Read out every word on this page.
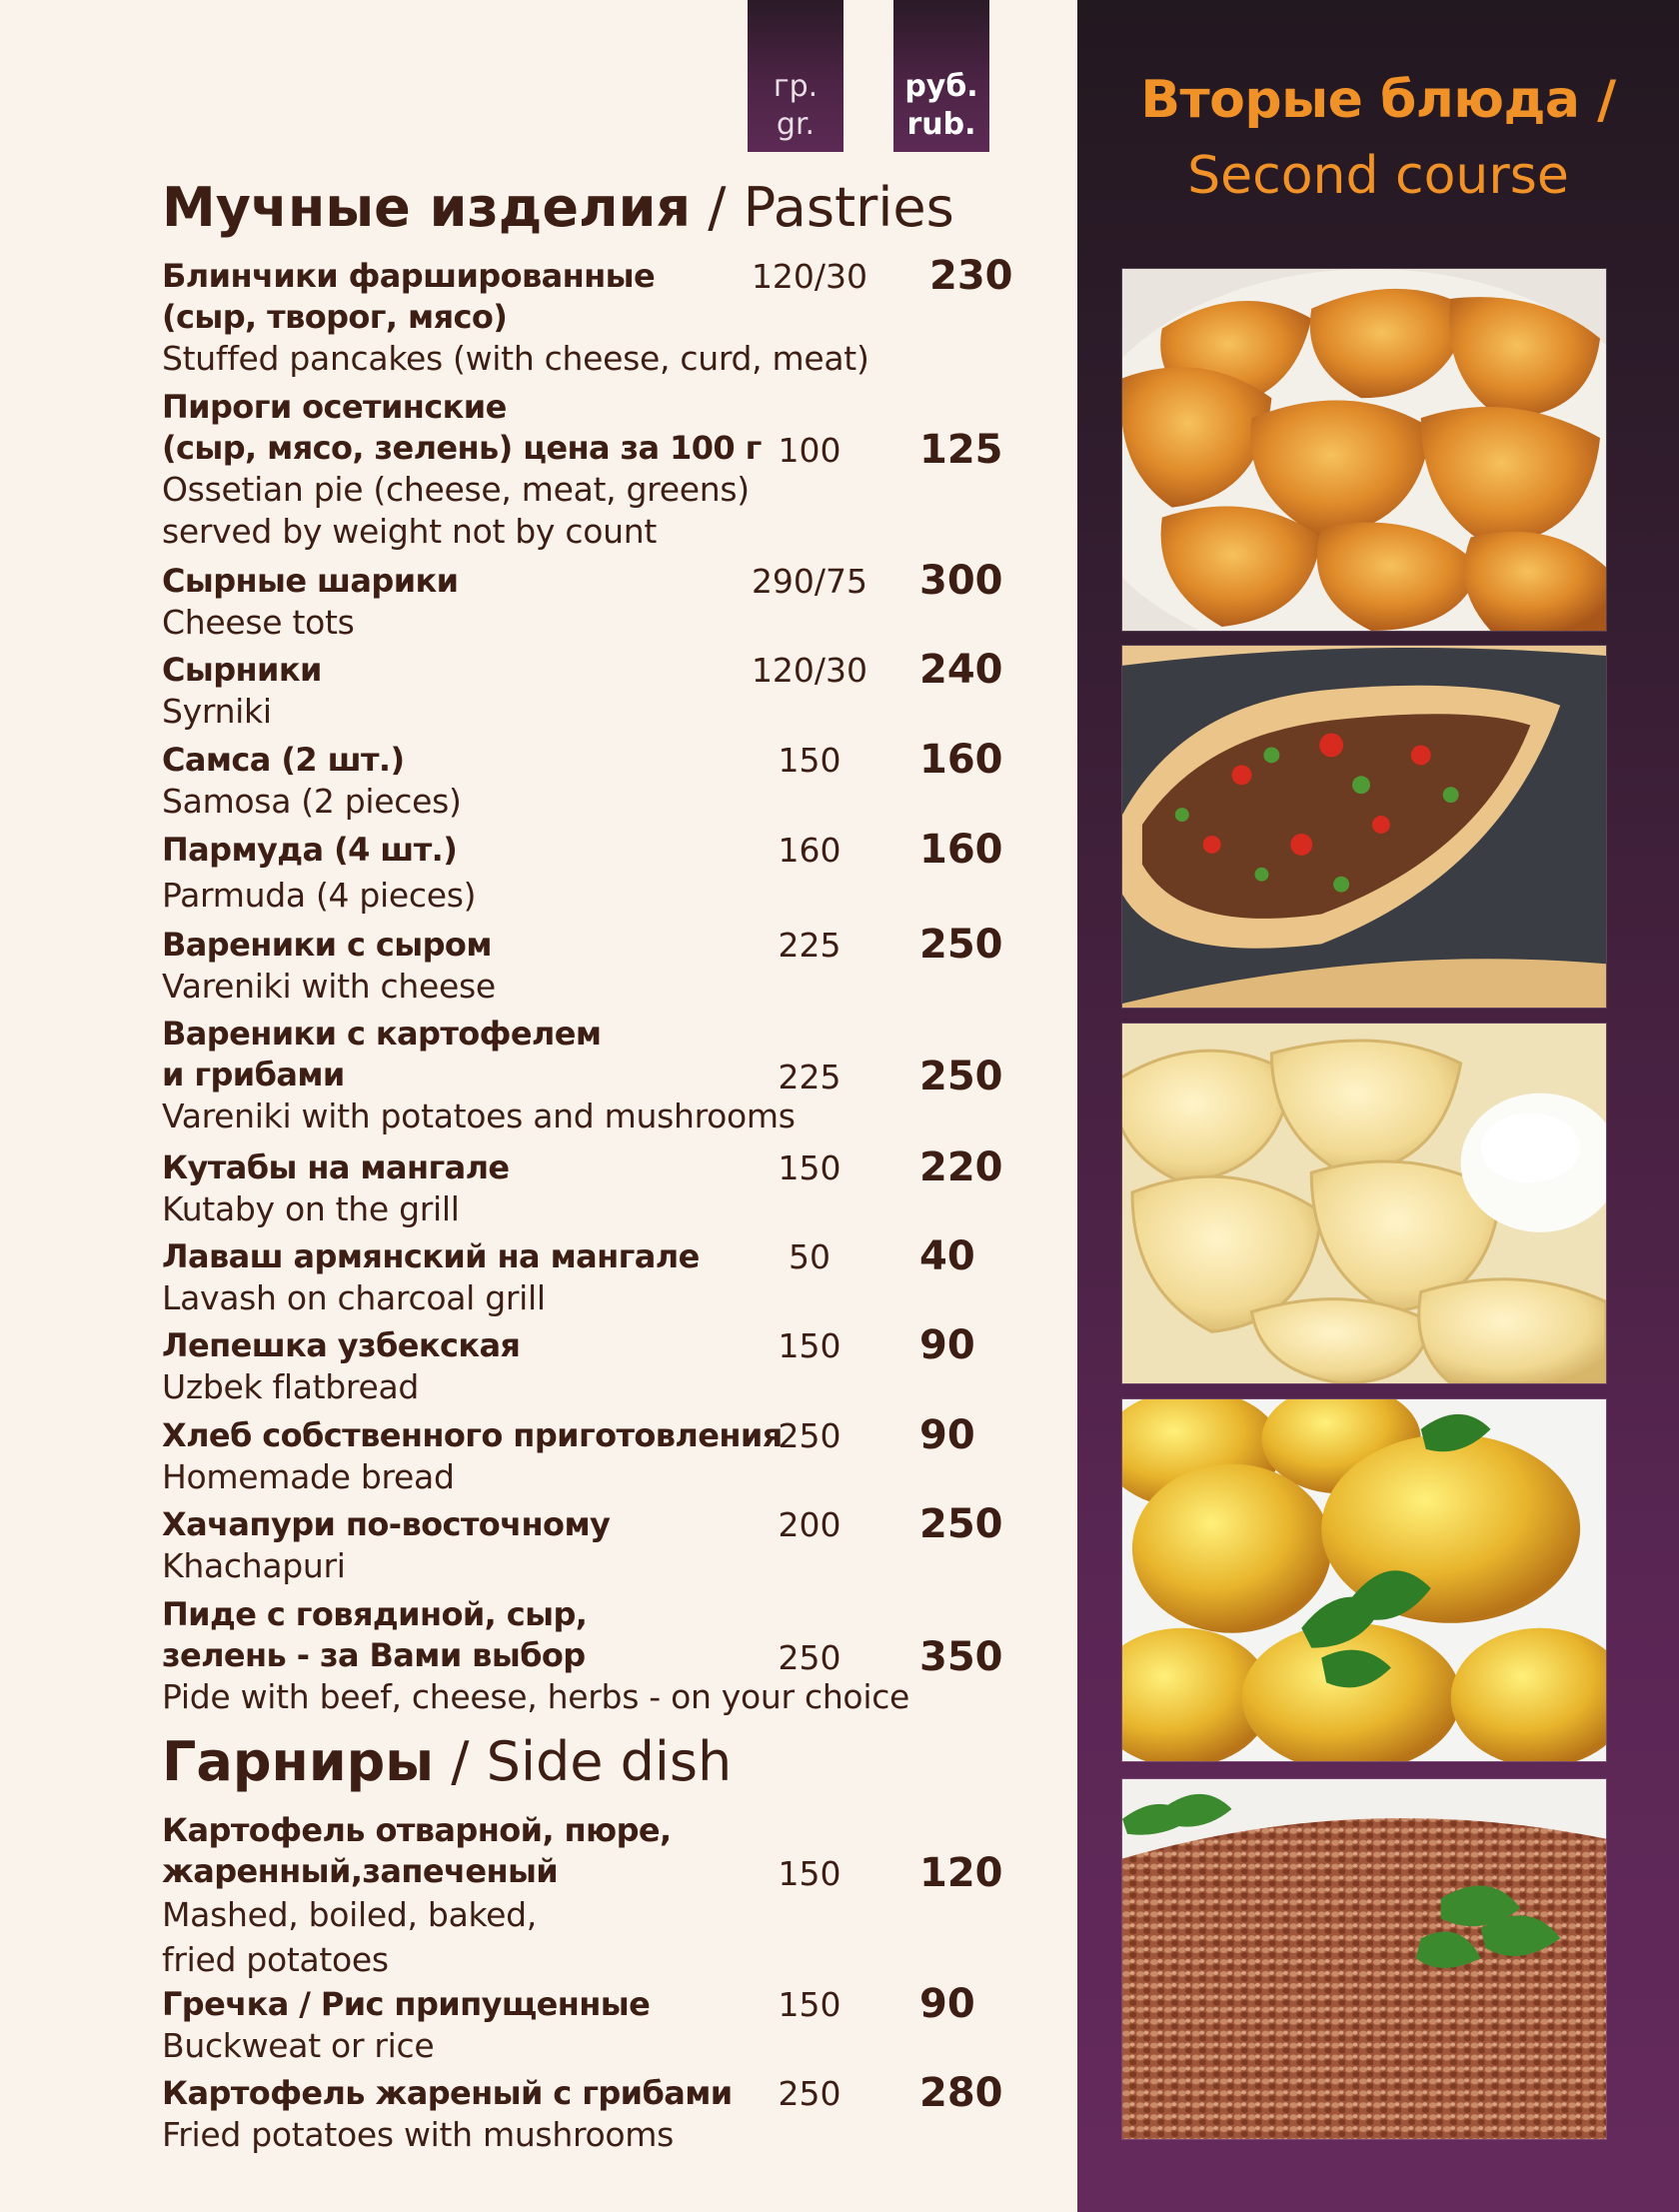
гр.
gr.
руб.
rub.
Мучные изделия / Pastries
Блинчики фаршированные
(сыр, творог, мясо)
Stuffed pancakes (with cheese, curd, meat)
120/30	230
Пироги осетинские
(сыр, мясо, зелень) цена за 100 г
Ossetian pie (cheese, meat, greens)
served by weight not by count
100	125
Сырные шарики
Cheese tots
290/75	300
Сырники
Syrniki
120/30	240
Самса (2 шт.)
Samosa (2 pieces)
150	160
Пармуда (4 шт.)
Parmuda (4 pieces)
160	160
Вареники с сыром
Vareniki with cheese
225	250
Вареники с картофелем
и грибами
Vareniki with potatoes and mushrooms
225	250
Кутабы на мангале
Kutaby on the grill
150	220
Лаваш армянский на мангале
Lavash on charcoal grill
50	40
Лепешка узбекская
Uzbek flatbread
150	90
Хлеб собственного приготовления
Homemade bread
250	90
Хачапури по-восточному
Khachapuri
200	250
Пиде с говядиной, сыр,
зелень - за Вами выбор
Pide with beef, cheese, herbs - on your choice
250	350
Гарниры / Side dish
Картофель отварной, пюре,
жаренный,запеченый
Mashed, boiled, baked,
fried potatoes
150	120
Гречка / Рис припущенные
Buckweat or rice
150	90
Картофель жареный с грибами
Fried potatoes with mushrooms
250	280
Вторые блюда /
Second course
